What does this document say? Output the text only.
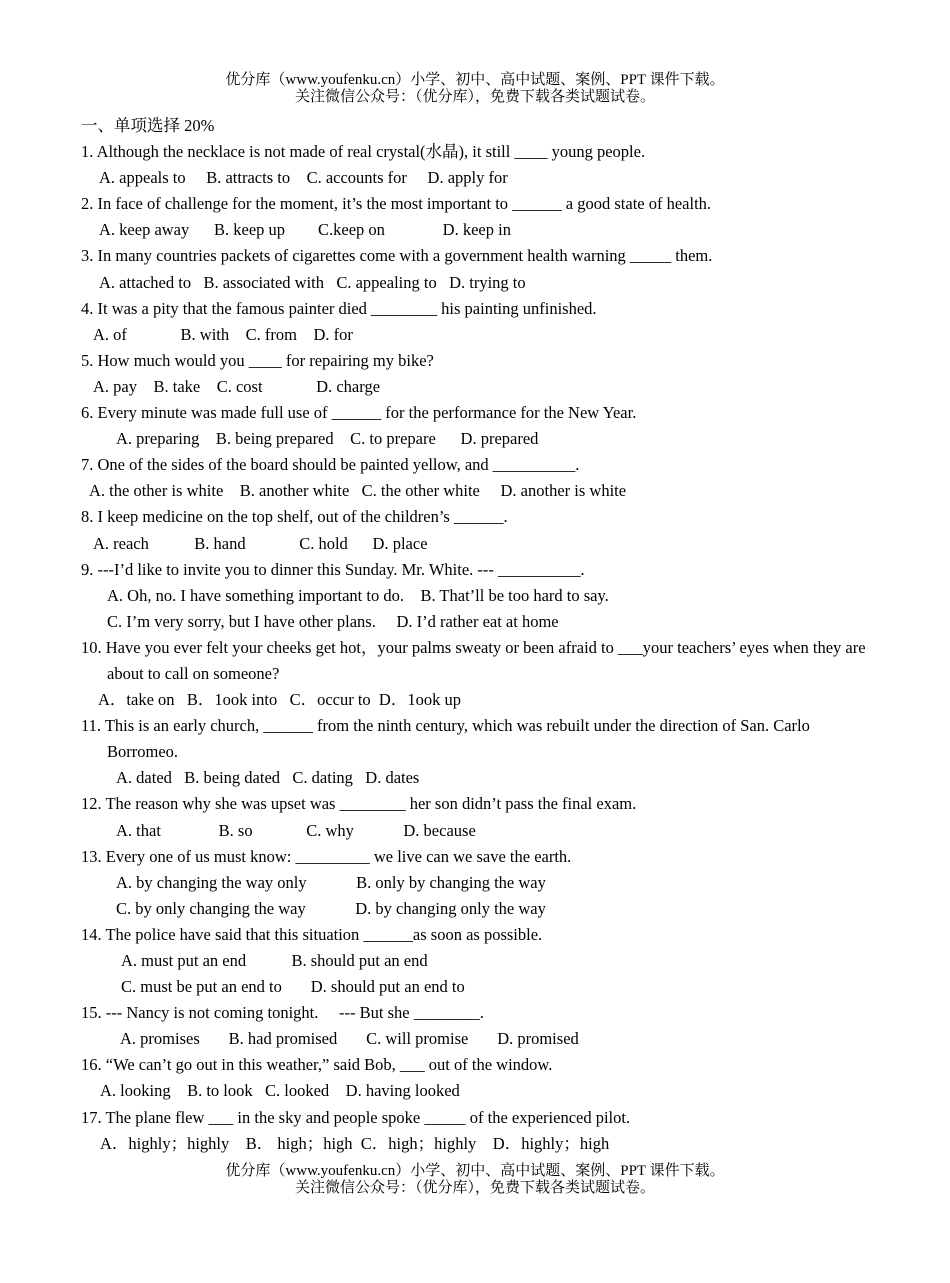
优分库（www.youfenku.cn）小学、初中、高中试题、案例、PPT 课件下载。
关注微信公众号：（优分库），免费下载各类试题试卷。
一、单项选择 20%
1. Although the necklace is not made of real crystal(水晶), it still ____ young people.
A. appeals to     B. attracts to    C. accounts for     D. apply for
2. In face of challenge for the moment, it’s the most important to ______ a good state of health.
A. keep away      B. keep up        C.keep on              D. keep in
3. In many countries packets of cigarettes come with a government health warning _____ them.
A. attached to   B. associated with   C. appealing to   D. trying to
4. It was a pity that the famous painter died ________ his painting unfinished.
A. of             B. with    C. from    D. for
5. How much would you ____ for repairing my bike?
A. pay    B. take    C. cost             D. charge
6. Every minute was made full use of ______ for the performance for the New Year.
A. preparing    B. being prepared    C. to prepare      D. prepared
7. One of the sides of the board should be painted yellow, and __________.
A. the other is white    B. another white   C. the other white     D. another is white
8. I keep medicine on the top shelf, out of the children’s ______.
A. reach           B. hand             C. hold      D. place
9. ---I’d like to invite you to dinner this Sunday. Mr. White. --- __________.
A. Oh, no. I have something important to do.    B. That’ll be too hard to say.
C. I’m very sorry, but I have other plans.     D. I’d rather eat at home
10. Have you ever felt your cheeks get hot，your palms sweaty or been afraid to ___your teachers’ eyes when they are about to call on someone?
A．take on   B．1ook into   C．occur to  D．1ook up
11. This is an early church, ______ from the ninth century, which was rebuilt under the direction of San. Carlo Borromeo.
A. dated   B. being dated   C. dating   D. dates
12. The reason why she was upset was ________ her son didn’t pass the final exam.
A. that              B. so             C. why            D. because
13. Every one of us must know: _________ we live can we save the earth.
A. by changing the way only            B. only by changing the way
C. by only changing the way            D. by changing only the way
14. The police have said that this situation ______as soon as possible.
A. must put an end           B. should put an end
C. must be put an end to       D. should put an end to
15. --- Nancy is not coming tonight.     --- But she ________.
A. promises       B. had promised       C. will promise       D. promised
16. “We can’t go out in this weather,” said Bob, ___ out of the window.
A. looking    B. to look   C. looked    D. having looked
17. The plane flew ___ in the sky and people spoke _____ of the experienced pilot.
A．highly；highly    B． high；high  C．high；highly    D．highly；high
优分库（www.youfenku.cn）小学、初中、高中试题、案例、PPT 课件下载。
关注微信公众号：（优分库），免费下载各类试题试卷。
